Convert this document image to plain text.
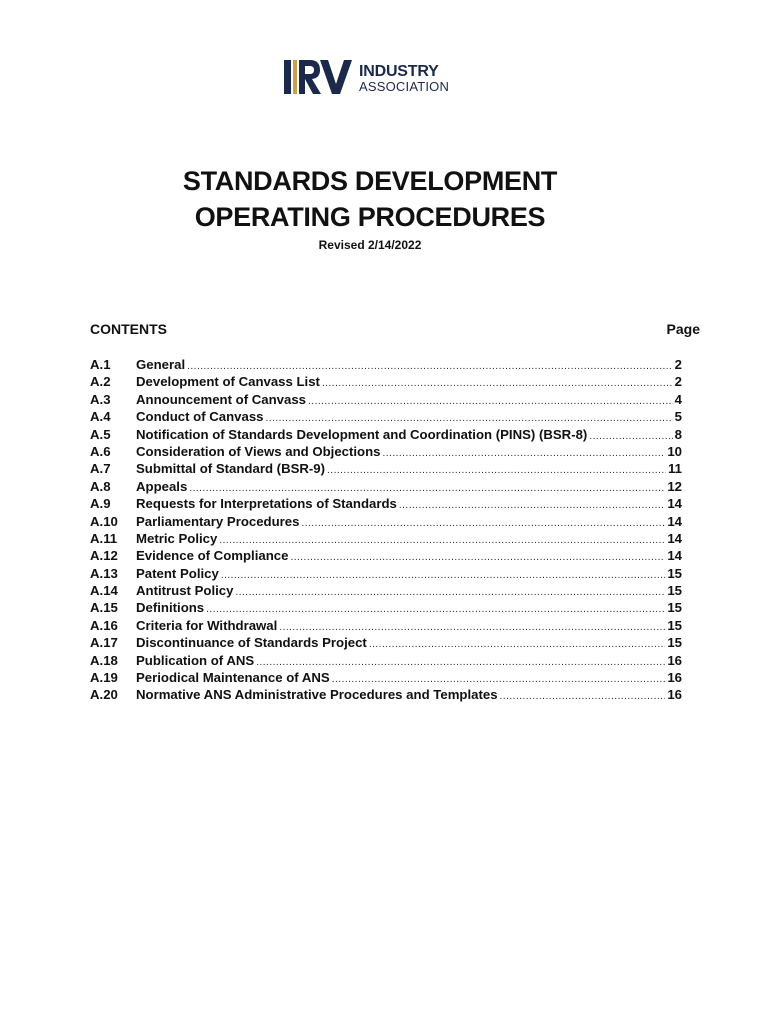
INDUSTRY
ASSOCIATION
STANDARDS DEVELOPMENT
OPERATING PROCEDURES
Revised 2/14/2022
CONTENTS	Page
A.1	General .....	2
A.2	Development of Canvass List .....	2
A.3	Announcement of Canvass .....	4
A.4	Conduct of Canvass .....	5
A.5	Notification of Standards Development and Coordination (PINS) (BSR-8) .....	8
A.6	Consideration of Views and Objections .....	10
A.7	Submittal of Standard (BSR-9) .....	11
A.8	Appeals .....	12
A.9	Requests for Interpretations of Standards .....	14
A.10	Parliamentary Procedures .....	14
A.11	Metric Policy .....	14
A.12	Evidence of Compliance .....	14
A.13	Patent Policy .....	15
A.14	Antitrust Policy .....	15
A.15	Definitions .....	15
A.16	Criteria for Withdrawal .....	15
A.17	Discontinuance of Standards Project .....	15
A.18	Publication of ANS .....	16
A.19	Periodical Maintenance of ANS .....	16
A.20	Normative ANS Administrative Procedures and Templates .....	16
